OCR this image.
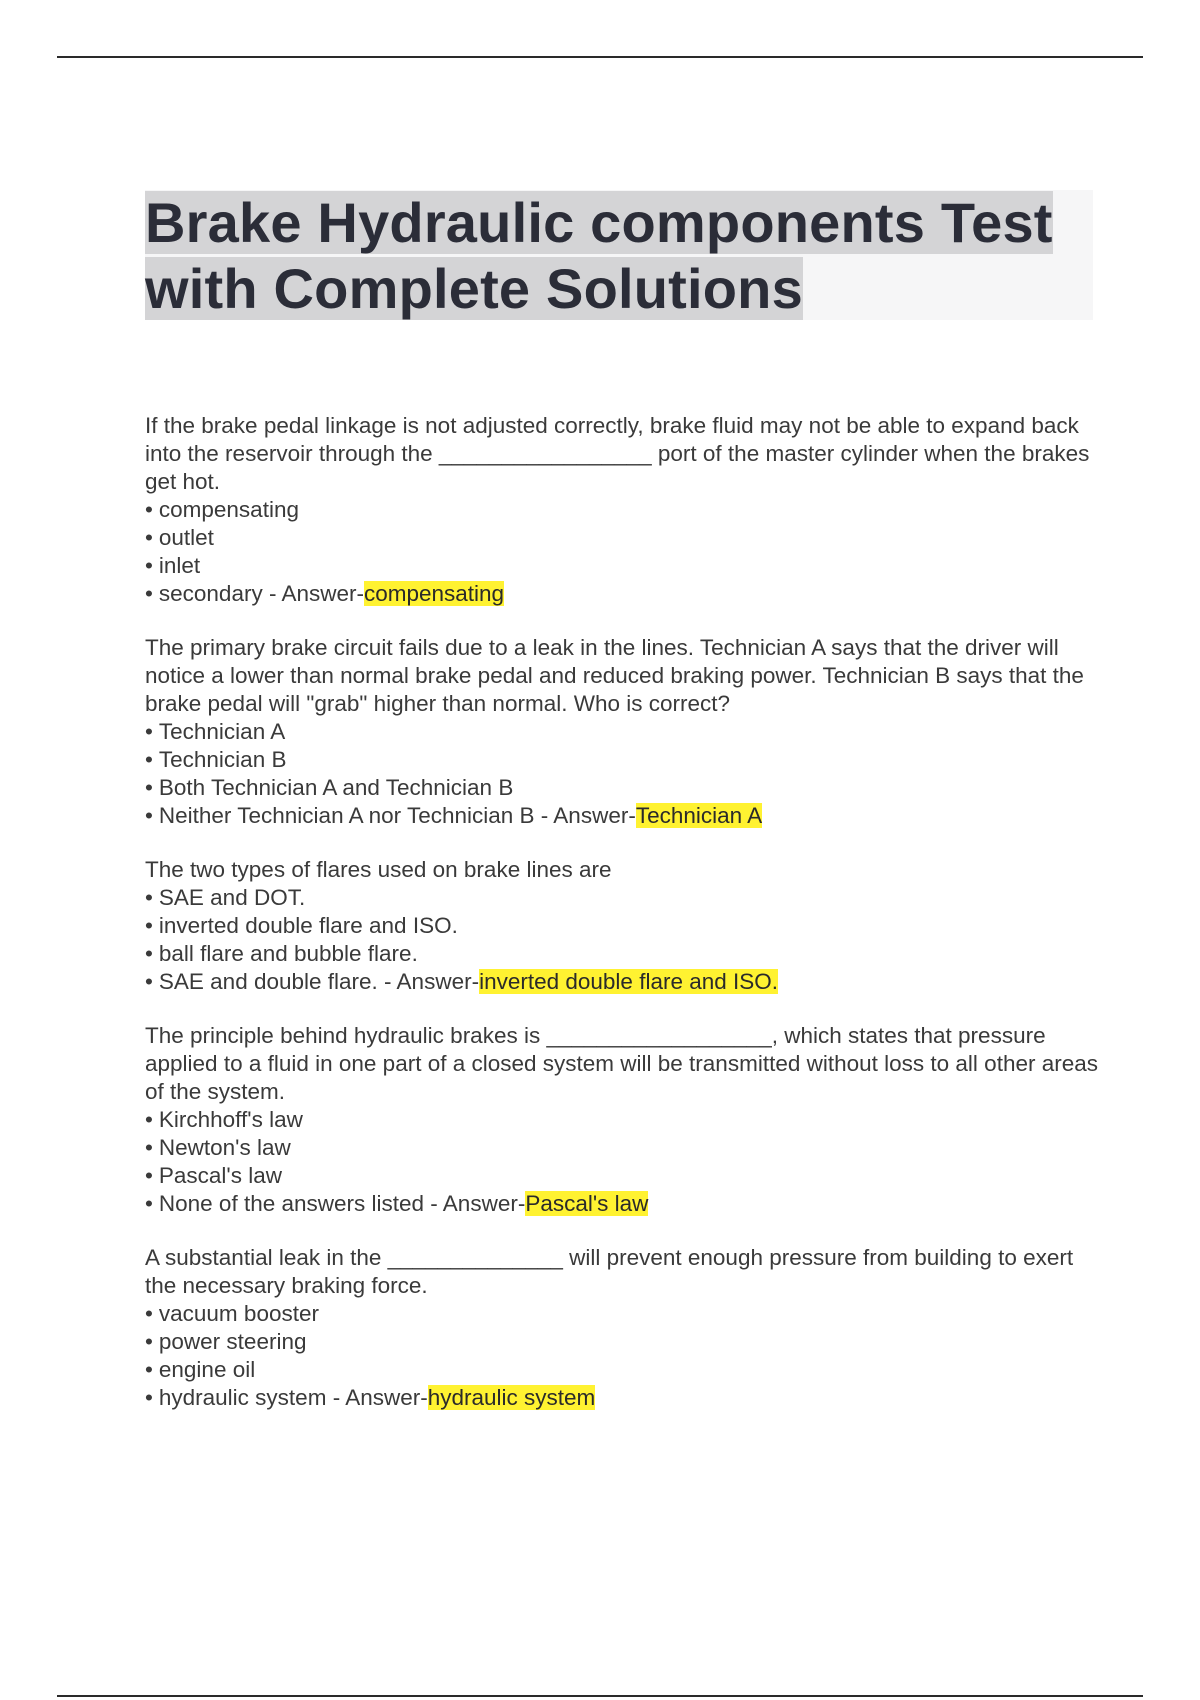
Brake Hydraulic components Test
with Complete Solutions

If the brake pedal linkage is not adjusted correctly, brake fluid may not be able to expand back into the reservoir through the _________________ port of the master cylinder when the brakes get hot.

• compensating
• outlet
• inlet
• secondary - Answer-compensating

The primary brake circuit fails due to a leak in the lines. Technician A says that the driver will notice a lower than normal brake pedal and reduced braking power. Technician B says that the brake pedal will "grab" higher than normal. Who is correct?

• Technician A
• Technician B
• Both Technician A and Technician B
• Neither Technician A nor Technician B - Answer-Technician A

The two types of flares used on brake lines are

• SAE and DOT.
• inverted double flare and ISO.
• ball flare and bubble flare.
• SAE and double flare. - Answer-inverted double flare and ISO.

The principle behind hydraulic brakes is __________________, which states that pressure applied to a fluid in one part of a closed system will be transmitted without loss to all other areas of the system.

• Kirchhoff's law
• Newton's law
• Pascal's law
• None of the answers listed - Answer-Pascal's law

A substantial leak in the ______________ will prevent enough pressure from building to exert the necessary braking force.

• vacuum booster
• power steering
• engine oil
• hydraulic system - Answer-hydraulic system
